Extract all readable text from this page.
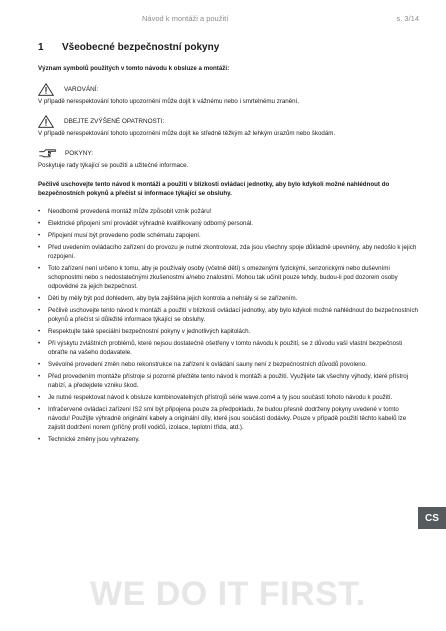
Návod k montáži a použití	s. 3/14
1 Všeobecné bezpečnostní pokyny

Význam symbolů použitých v tomto návodu k obsluze a montáži:

VAROVÁNÍ:

V případě nerespektování tohoto upozornění může dojít k vážnému nebo i smrtelnému zranění.

DBEJTE ZVÝŠENÉ OPATRNOSTI:

V případě nerespektování tohoto upozornění může dojít ke středně těžkým až lehkým úrazům nebo škodám.

POKYNY:

Poskytuje rady týkající se použití a užitečné informace.

Pečlivě uschovejte tento návod k montáži a použití v blízkosti ovládací jednotky, aby bylo kdykoli možné nahlédnout do bezpečnostních pokynů a přečíst si informace týkající se obsluhy.

• Neodborně provedená montáž může způsobit vznik požáru!
• Elektrické připojení smí provádět výhradně kvalifikovaný odborný personál.
• Připojení musí být provedeno podle schématu zapojení.
• Před uvedením ovládacího zařízení do provozu je nutné zkontrolovat, zda jsou všechny spoje důkladně upevněny, aby nedošlo k jejich rozpojení.
• Toto zařízení není určeno k tomu, aby je používaly osoby (včetně dětí) s omezenými fyzickými, senzorickými nebo duševními schopnostmi nebo s nedostatečnými zkušenostmi a/nebo znalostmi. Mohou tak učinit pouze tehdy, budou-li pod dozorem osoby odpovědné za jejich bezpečnost.
• Děti by měly být pod dohledem, aby byla zajištěna jejich kontrola a nehrály si se zařízením.
• Pečlivě uschovejte tento návod k montáži a použití v blízkosti ovládací jednotky, aby bylo kdykoli možné nahlédnout do bezpečnostních pokynů a přečíst si důležité informace týkající se obsluhy.
• Respektujte také speciální bezpečnostní pokyny v jednotlivých kapitolách.
• Při výskytu zvláštních problémů, které nejsou dostatečně ošetřeny v tomto návodu k použití, se z důvodu vaší vlastní bezpečnosti obraťte na vašeho dodavatele.
• Svévolné provedení změn nebo rekonstrukce na zařízení k ovládání sauny není z bezpečnostních důvodů povoleno.
• Před provedením montáže přístroje si pozorně přečtěte tento návod k montáži a použití. Využijete tak všechny výhody, které přístroj nabízí, a předejdete vzniku škod.
• Je nutné respektovat návod k obsluze kombinovatelných přístrojů série wave.com4 a ty jsou součástí tohoto návodu k použití.
• Infračervené ovládací zařízení IS2 smí být připojena pouze za předpokladu, že budou přesně dodrženy pokyny uvedené v tomto návodu! Použijte výhradně originální kabely a originální díly, které jsou součástí dodávky. Pouze v případě použití těchto kabelů lze zajistit dodržení norem (příčný profil vodičů, izolace, teplotní třída, atd.).
• Technické změny jsou vyhrazeny.
CS
WE DO IT FIRST.
